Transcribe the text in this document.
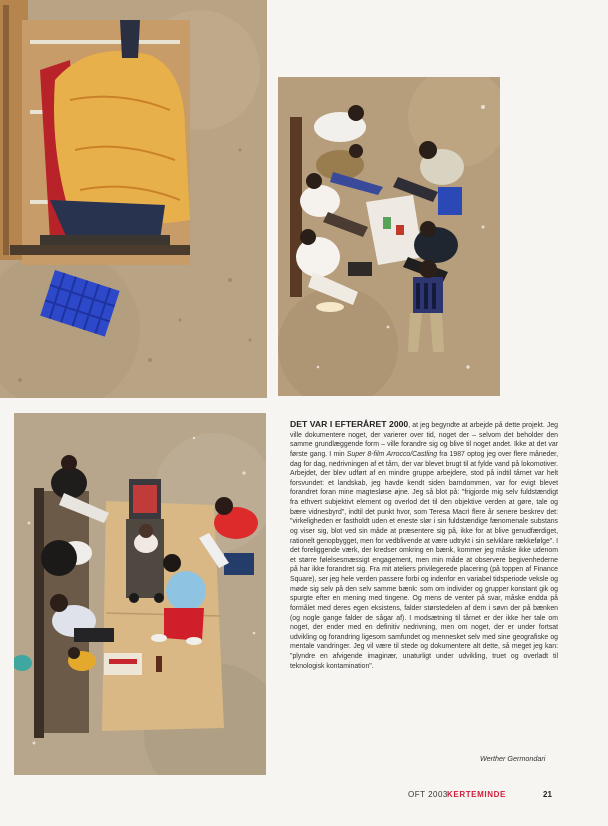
DET VAR I EFTERÅRET 2000, at jeg begyndte at arbejde på dette projekt. Jeg ville dokumentere noget, der varierer over tid, noget der – selvom det beholder den samme grundlæggende form – ville forandre sig og blive til noget andet. Ikke at det var første gang. I min Super 8-film Arrocco/Castling fra 1987 optog jeg over flere måneder, dag for dag, nedrivningen af et tårn, der var blevet brugt til at fylde vand på lokomotiver. Arbejdet, der blev udført af en mindre gruppe arbejdere, stod på indtil tårnet var helt forsvundet: et landskab, jeg havde kendt siden barndommen, var for evigt blevet forandret foran mine magtesløse øjne. Jeg så blot på: "frigjorde mig selv fuldstændigt fra ethvert subjektivt element og overlod det til den objektive verden at gøre, tale og bære vidnesbyrd", indtil det punkt hvor, som Teresa Macrì flere år senere beskrev det: "virkeligheden er fastholdt uden et eneste slør i sin fuldstændige fænomenale substans og viser sig, blot ved sin måde at præsentere sig på, ikke for at blive genudfærdiget, rationelt genopbygget, men for vedblivende at være udtrykt i sin selvklare rækkefølge". I det foreliggende værk, der kredser omkring en bænk, kommer jeg måske ikke udenom et større følelsesmæssigt engagement, men min måde at observere begivenhederne på har ikke forandret sig. Fra mit ateliers privilegerede placering (på toppen af Finance Square), ser jeg hele verden passere forbi og indenfor en variabel tidsperiode veksle og møde sig selv på den selv samme bænk: som om individer og grupper konstant gik og spurgte efter en mening med tingene. Og mens de venter på svar, måske endda på formålet med deres egen eksistens, falder størstedelen af dem i søvn der på bænken (og nogle gange falder de sågar af). I modsætning til tårnet er der ikke her tale om noget, der ender med en definitiv nedrivning, men om noget, der er under fortsat udvikling og forandring ligesom samfundet og mennesket selv med sine geografiske og mentale vandringer. Jeg vil være til stede og dokumentere alt dette, så meget jeg kan: "plyndre en afvigende imaginær, unaturligt under udvikling, truet og overladt til teknologisk kontamination".
Werther Germondari
OFT 2003 KERTEMINDE	21
